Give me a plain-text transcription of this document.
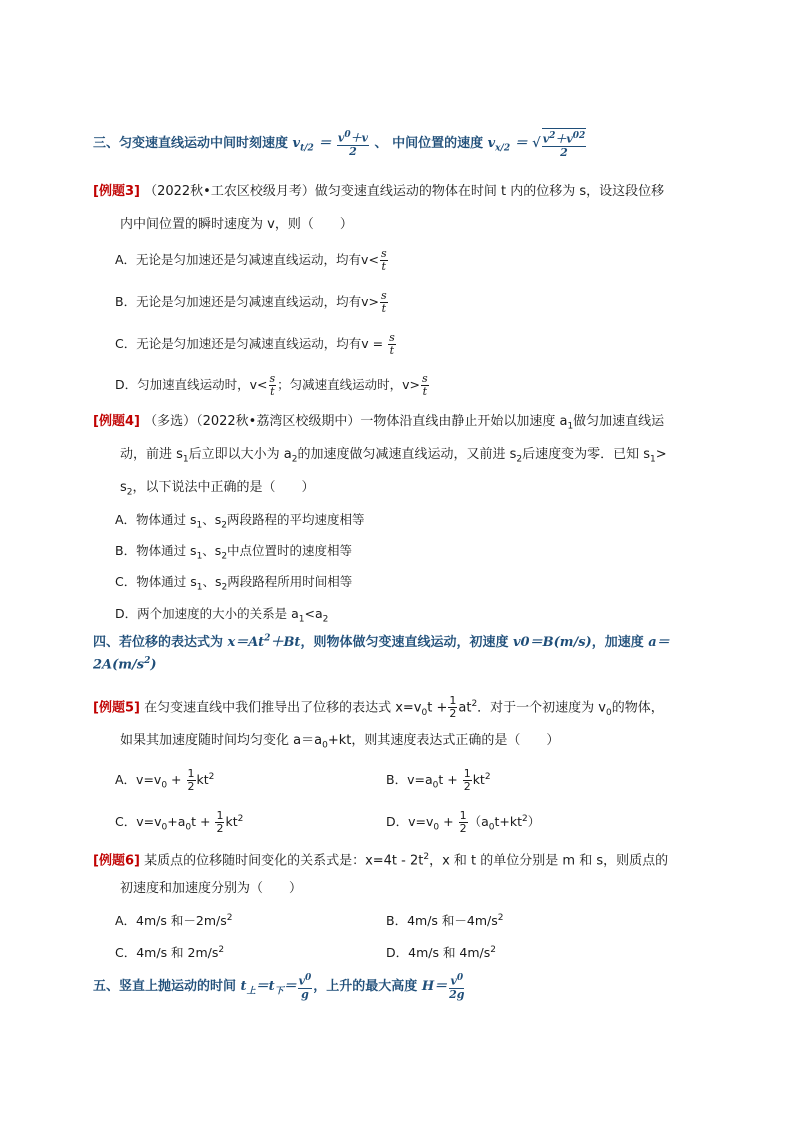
三、匀变速直线运动中间时刻速度 $v_{t/2} = \frac{v^0+v}{2}$ 、 中间位置的速度 $v_{x/2}$ ＝ √ $\frac{v^2+v^{02}}{2}$
[例题3] （2022秋•工农区校级月考）做匀变速直线运动的物体在时间 t 内的位移为 s，设这段位移
内中间位置的瞬时速度为 v，则（　　）
A．无论是匀加速还是匀减速直线运动，均有$v< \frac{s}{t}$
B．无论是匀加速还是匀减速直线运动，均有$v> \frac{s}{t}$
C．无论是匀加速还是匀减速直线运动，均有$v = \frac{s}{t}$
D．匀加速直线运动时，$v< \frac{s}{t}$ ；匀减速直线运动时，$v> \frac{s}{t}$
[例题4] （多选）（2022秋•荔湾区校级期中）一物体沿直线由静止开始以加速度 $a_1$做匀加速直线运
动，前进 $s_1$后立即以大小为 $a_2$的加速度做匀减速直线运动，又前进 $s_2$后速度变为零．已知 $s_1>$
$s_2$，以下说法中正确的是（　　）
A．物体通过 $s_1$、$s_2$两段路程的平均速度相等
B．物体通过 $s_1$、$s_2$中点位置时的速度相等
C．物体通过 $s_1$、$s_2$两段路程所用时间相等
D．两个加速度的大小的关系是 $a_1<a_2$
四、若位移的表达式为 $x=At^2+Bt$，则物体做匀变速直线运动，初速度 v0＝B(m/s)，加速度 a＝
$2A(m/s^2)$
[例题5] 在匀变速直线中我们推导出了位移的表达式 $x=v_0t + \frac{1}{2} at^2$．对于一个初速度为 $v_0$的物体，
如果其加速度随时间均匀变化 $a=a_0+kt$，则其速度表达式正确的是（　　）
A．$v=v_0 + \frac{1}{2} kt^2$	B．$v=a_0t + \frac{1}{2} kt^2$
C．$v=v_0+a_0t + \frac{1}{2} kt^2$	D．$v=v_0 + \frac{1}{2} (a_0t+kt^2)$
[例题6] 某质点的位移随时间变化的关系式是：$x=4t - 2t^2$，x 和 t 的单位分别是 m 和 s，则质点的
初速度和加速度分别为（　　）
A．4m/s 和$-2m/s^2$	B．4m/s 和$-4m/s^2$
C．4m/s 和 $2m/s^2$	D．4m/s 和 $4m/s^2$
五、竖直上抛运动的时间 $t_上=t_下= \frac{v^0}{g}$ ，上升的最大高度 $H= \frac{v^0}{2g}$
